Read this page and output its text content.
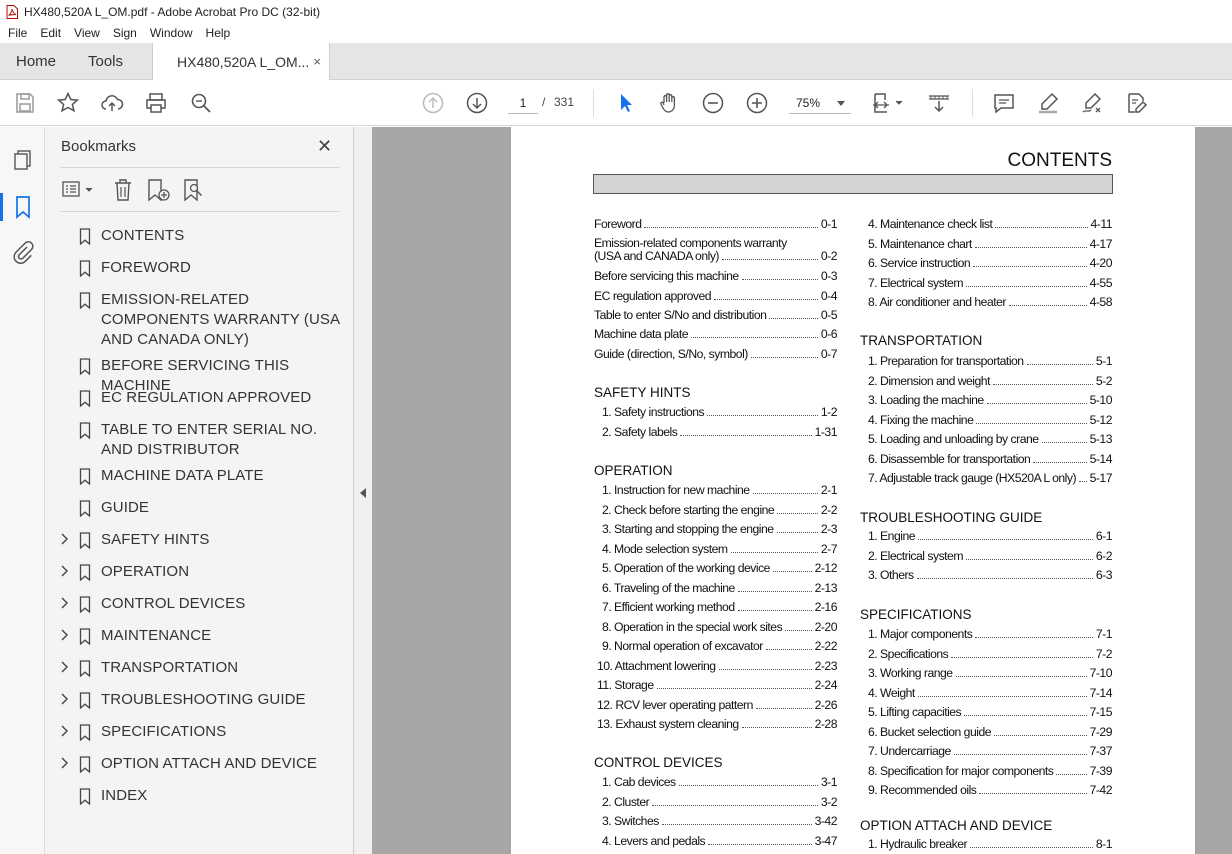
HX480,520A L_OM.pdf - Adobe Acrobat Pro DC (32-bit)
File Edit View Sign Window Help
Home Tools	HX480,520A L_OM... ×
1	/ 331	75%
Bookmarks	✕
CONTENTS
FOREWORD
EMISSION-RELATED COMPONENTS WARRANTY (USA AND CANADA ONLY)
BEFORE SERVICING THIS MACHINE
EC REGULATION APPROVED
TABLE TO ENTER SERIAL NO. AND DISTRIBUTOR
MACHINE DATA PLATE
GUIDE
SAFETY HINTS
OPERATION
CONTROL DEVICES
MAINTENANCE
TRANSPORTATION
TROUBLESHOOTING GUIDE
SPECIFICATIONS
OPTION ATTACH AND DEVICE
INDEX
CONTENTS
Foreword	0-1
Emission-related components warranty
(USA and CANADA only)	0-2
Before servicing this machine	0-3
EC regulation approved	0-4
Table to enter S/No and distribution	0-5
Machine data plate	0-6
Guide (direction, S/No, symbol)	0-7
SAFETY HINTS
1. Safety instructions	1-2
2. Safety labels	1-31
OPERATION
1. Instruction for new machine	2-1
2. Check before starting the engine	2-2
3. Starting and stopping the engine	2-3
4. Mode selection system	2-7
5. Operation of the working device	2-12
6. Traveling of the machine	2-13
7. Efficient working method	2-16
8. Operation in the special work sites	2-20
9. Normal operation of excavator	2-22
10. Attachment lowering	2-23
11. Storage	2-24
12. RCV lever operating pattern	2-26
13. Exhaust system cleaning	2-28
CONTROL DEVICES
1. Cab devices	3-1
2. Cluster	3-2
3. Switches	3-42
4. Levers and pedals	3-47
4. Maintenance check list	4-11
5. Maintenance chart	4-17
6. Service instruction	4-20
7. Electrical system	4-55
8. Air conditioner and heater	4-58
TRANSPORTATION
1. Preparation for transportation	5-1
2. Dimension and weight	5-2
3. Loading the machine	5-10
4. Fixing the machine	5-12
5. Loading and unloading by crane	5-13
6. Disassemble for transportation	5-14
7. Adjustable track gauge (HX520A L only) 5-17
TROUBLESHOOTING GUIDE
1. Engine	6-1
2. Electrical system	6-2
3. Others	6-3
SPECIFICATIONS
1. Major components	7-1
2. Specifications	7-2
3. Working range	7-10
4. Weight	7-14
5. Lifting capacities	7-15
6. Bucket selection guide	7-29
7. Undercarriage	7-37
8. Specification for major components	7-39
9. Recommended oils	7-42
OPTION ATTACH AND DEVICE
1. Hydraulic breaker	8-1
